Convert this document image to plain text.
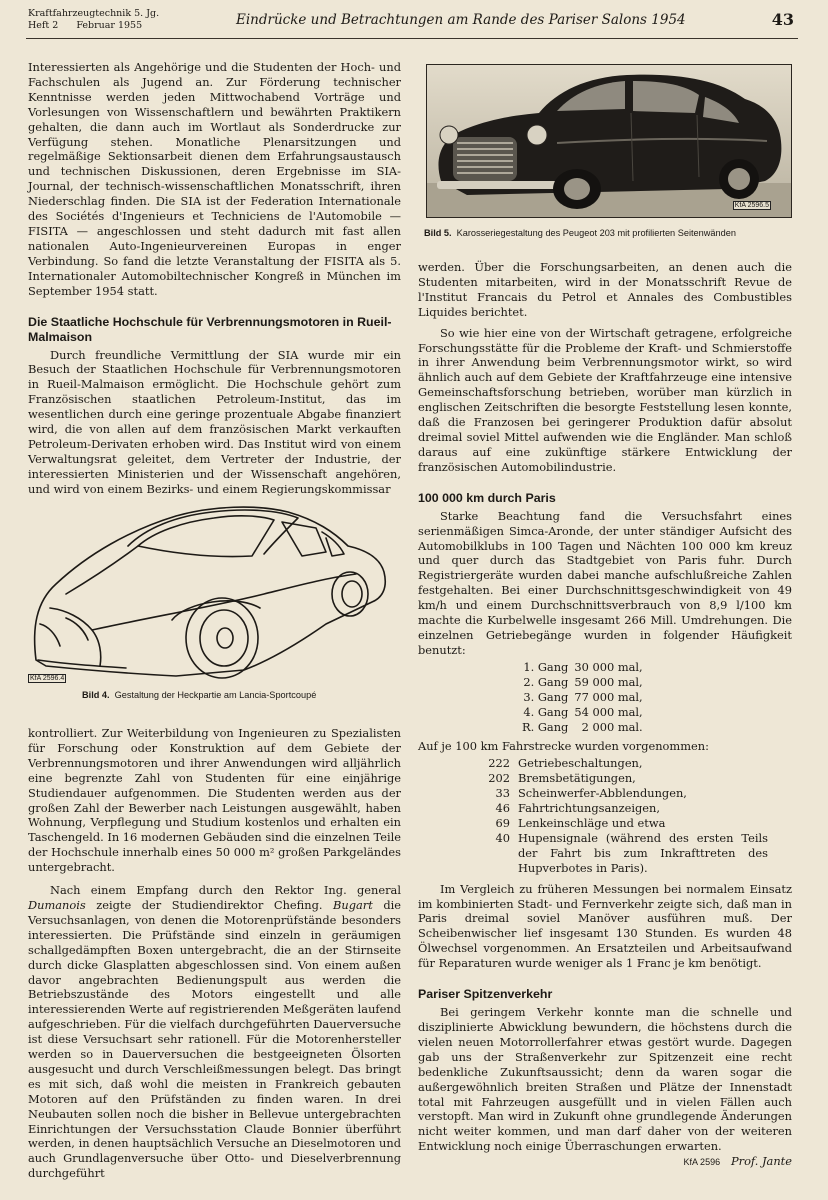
Kraftfahrzeugtechnik 5. Jg.
Heft 2 Februar 1955	Eindrücke und Betrachtungen am Rande des Pariser Salons 1954	43

Interessierten als Angehörige und die Studenten der Hoch- und Fachschulen als Jugend an. Zur Förderung technischer Kenntnisse werden jeden Mittwochabend Vorträge und Vorlesungen von Wissenschaftlern und bewährten Praktikern gehalten, die dann auch im Wortlaut als Sonderdrucke zur Verfügung stehen. Monatliche Plenarsitzungen und regelmäßige Sektionsarbeit dienen dem Erfahrungsaustausch und technischen Diskussionen, deren Ergebnisse im SIA-Journal, der technisch-wissenschaftlichen Monatsschrift, ihren Niederschlag finden. Die SIA ist der Federation Internationale des Sociétés d'Ingenieurs et Techniciens de l'Automobile — FISITA — angeschlossen und steht dadurch mit fast allen nationalen Auto-Ingenieurvereinen Europas in enger Verbindung. So fand die letzte Veranstaltung der FISITA als 5. Internationaler Automobiltechnischer Kongreß in München im September 1954 statt.

Die Staatliche Hochschule für Verbrennungsmotoren in Rueil-Malmaison

Durch freundliche Vermittlung der SIA wurde mir ein Besuch der Staatlichen Hochschule für Verbrennungsmotoren in Rueil-Malmaison ermöglicht. Die Hochschule gehört zum Französischen staatlichen Petroleum-Institut, das im wesentlichen durch eine geringe prozentuale Abgabe finanziert wird, die von allen auf dem französischen Markt verkauften Petroleum-Derivaten erhoben wird. Das Institut wird von einem Verwaltungsrat geleitet, dem Vertreter der Industrie, der interessierten Ministerien und der Wissenschaft angehören, und wird von einem Bezirks- und einem Regierungskommissar

KfA 2596.4
Bild 4. Gestaltung der Heckpartie am Lancia-Sportcoupé

kontrolliert. Zur Weiterbildung von Ingenieuren zu Spezialisten für Forschung oder Konstruktion auf dem Gebiete der Verbrennungsmotoren und ihrer Anwendungen wird alljährlich eine begrenzte Zahl von Studenten für eine einjährige Studiendauer aufgenommen. Die Studenten werden aus der großen Zahl der Bewerber nach Leistungen ausgewählt, haben Wohnung, Verpflegung und Studium kostenlos und erhalten ein Taschengeld. In 16 modernen Gebäuden sind die einzelnen Teile der Hochschule innerhalb eines 50 000 m² großen Parkgeländes untergebracht.

Nach einem Empfang durch den Rektor Ing. general Dumanois zeigte der Studiendirektor Chefing. Bugart die Versuchsanlagen, von denen die Motorenprüfstände besonders interessierten. Die Prüfstände sind einzeln in geräumigen schallgedämpften Boxen untergebracht, die an der Stirnseite durch dicke Glasplatten abgeschlossen sind. Von einem außen davor angebrachten Bedienungspult aus werden die Betriebszustände des Motors eingestellt und alle interessierenden Werte auf registrierenden Meßgeräten laufend aufgeschrieben. Für die vielfach durchgeführten Dauerversuche ist diese Versuchsart sehr rationell. Für die Motorenhersteller werden so in Dauerversuchen die bestgeeigneten Ölsorten ausgesucht und durch Verschleißmessungen belegt. Das bringt es mit sich, daß wohl die meisten in Frankreich gebauten Motoren auf den Prüfständen zu finden waren. In drei Neubauten sollen noch die bisher in Bellevue untergebrachten Einrichtungen der Versuchsstation Claude Bonnier überführt werden, in denen hauptsächlich Versuche an Dieselmotoren und auch Grundlagenversuche über Otto- und Dieselverbrennung durchgeführt

KfA 2596.5
Bild 5. Karosseriegestaltung des Peugeot 203 mit profilierten Seitenwänden

werden. Über die Forschungsarbeiten, an denen auch die Studenten mitarbeiten, wird in der Monatsschrift Revue de l'Institut Francais du Petrol et Annales des Combustibles Liquides berichtet.

So wie hier eine von der Wirtschaft getragene, erfolgreiche Forschungsstätte für die Probleme der Kraft- und Schmierstoffe in ihrer Anwendung beim Verbrennungsmotor wirkt, so wird ähnlich auch auf dem Gebiete der Kraftfahrzeuge eine intensive Gemeinschaftsforschung betrieben, worüber man kürzlich in englischen Zeitschriften die besorgte Feststellung lesen konnte, daß die Franzosen bei geringerer Produktion dafür absolut dreimal soviel Mittel aufwenden wie die Engländer. Man schloß daraus auf eine zukünftige stärkere Entwicklung der französischen Automobilindustrie.

100 000 km durch Paris

Starke Beachtung fand die Versuchsfahrt eines serienmäßigen Simca-Aronde, der unter ständiger Aufsicht des Automobilklubs in 100 Tagen und Nächten 100 000 km kreuz und quer durch das Stadtgebiet von Paris fuhr. Durch Registriergeräte wurden dabei manche aufschlußreiche Zahlen festgehalten. Bei einer Durchschnittsgeschwindigkeit von 49 km/h und einem Durchschnittsverbrauch von 8,9 l/100 km machte die Kurbelwelle insgesamt 266 Mill. Umdrehungen. Die einzelnen Getriebegänge wurden in folgender Häufigkeit benutzt:

1. Gang	30 000 mal,
2. Gang	59 000 mal,
3. Gang	77 000 mal,
4. Gang	54 000 mal,
R. Gang	2 000 mal.

Auf je 100 km Fahrstrecke wurden vorgenommen:

222	Getriebeschaltungen,
202	Bremsbetätigungen,
33	Scheinwerfer-Abblendungen,
46	Fahrtrichtungsanzeigen,
69	Lenkeinschläge und etwa
40	Hupensignale (während des ersten Teils der Fahrt bis zum Inkrafttreten des Hupverbotes in Paris).

Im Vergleich zu früheren Messungen bei normalem Einsatz im kombinierten Stadt- und Fernverkehr zeigte sich, daß man in Paris dreimal soviel Manöver ausführen muß. Der Scheibenwischer lief insgesamt 130 Stunden. Es wurden 48 Ölwechsel vorgenommen. An Ersatzteilen und Arbeitsaufwand für Reparaturen wurde weniger als 1 Franc je km benötigt.

Pariser Spitzenverkehr

Bei geringem Verkehr konnte man die schnelle und disziplinierte Abwicklung bewundern, die höchstens durch die vielen neuen Motorrollerfahrer etwas gestört wurde. Dagegen gab uns der Straßenverkehr zur Spitzenzeit eine recht bedenkliche Zukunftsaussicht; denn da waren sogar die außergewöhnlich breiten Straßen und Plätze der Innenstadt total mit Fahrzeugen ausgefüllt und in vielen Fällen auch verstopft. Man wird in Zukunft ohne grundlegende Änderungen nicht weiter kommen, und man darf daher von der weiteren Entwicklung noch einige Überraschungen erwarten.

KfA 2596 Prof. Jante
